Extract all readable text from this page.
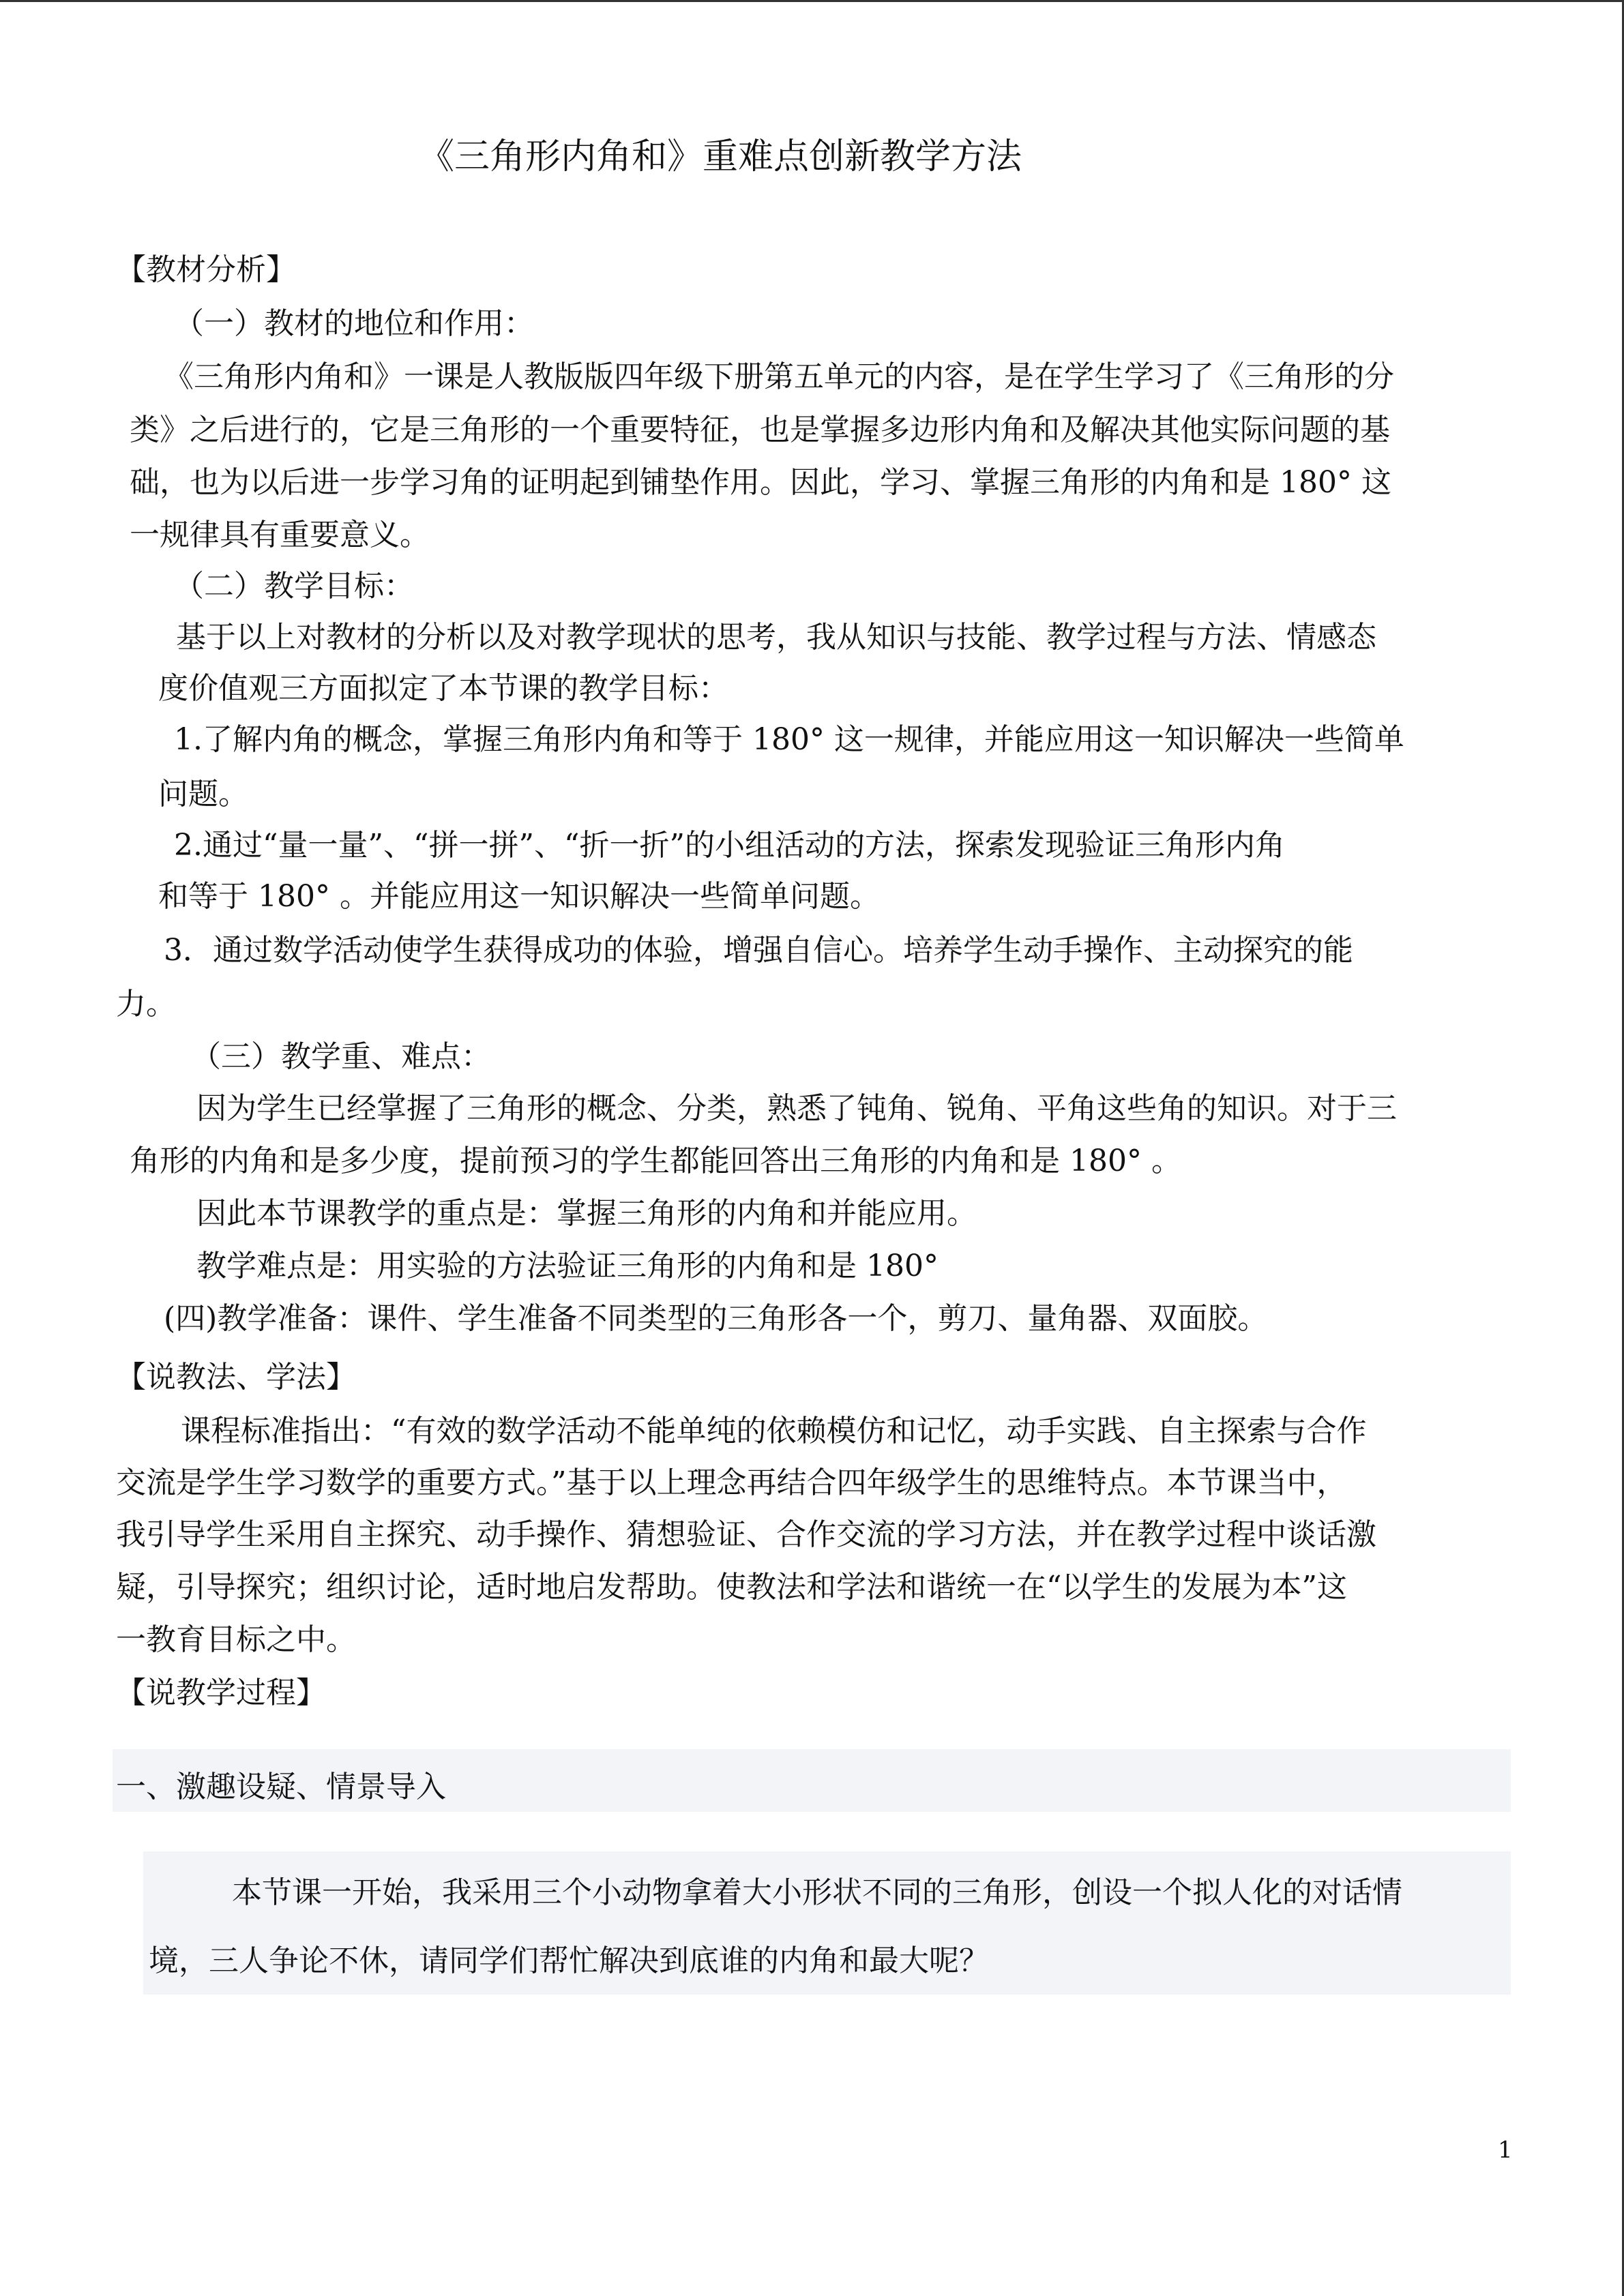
《三角形内角和》重难点创新教学方法
【教材分析】
（一）教材的地位和作用：
《三角形内角和》一课是人教版版四年级下册第五单元的内容，是在学生学习了《三角形的分
类》之后进行的，它是三角形的一个重要特征，也是掌握多边形内角和及解决其他实际问题的基
础，也为以后进一步学习角的证明起到铺垫作用。因此，学习、掌握三角形的内角和是 180° 这
一规律具有重要意义。
（二）教学目标：
基于以上对教材的分析以及对教学现状的思考，我从知识与技能、教学过程与方法、情感态
度价值观三方面拟定了本节课的教学目标：
1.了解内角的概念，掌握三角形内角和等于 180° 这一规律，并能应用这一知识解决一些简单
问题。
2.通过“量一量”、“拼一拼”、“折一折”的小组活动的方法，探索发现验证三角形内角
和等于 180° 。并能应用这一知识解决一些简单问题。
3．通过数学活动使学生获得成功的体验，增强自信心。培养学生动手操作、主动探究的能
力。
（三）教学重、难点：
因为学生已经掌握了三角形的概念、分类，熟悉了钝角、锐角、平角这些角的知识。对于三
角形的内角和是多少度，提前预习的学生都能回答出三角形的内角和是 180° 。
因此本节课教学的重点是：掌握三角形的内角和并能应用。
教学难点是：用实验的方法验证三角形的内角和是 180°
(四)教学准备：课件、学生准备不同类型的三角形各一个，剪刀、量角器、双面胶。
【说教法、学法】
课程标准指出：“有效的数学活动不能单纯的依赖模仿和记忆，动手实践、自主探索与合作
交流是学生学习数学的重要方式。”基于以上理念再结合四年级学生的思维特点。本节课当中，
我引导学生采用自主探究、动手操作、猜想验证、合作交流的学习方法，并在教学过程中谈话激
疑，引导探究；组织讨论，适时地启发帮助。使教法和学法和谐统一在“以学生的发展为本”这
一教育目标之中。
【说教学过程】
一、激趣设疑、情景导入
本节课一开始，我采用三个小动物拿着大小形状不同的三角形，创设一个拟人化的对话情
境，三人争论不休，请同学们帮忙解决到底谁的内角和最大呢？
1
